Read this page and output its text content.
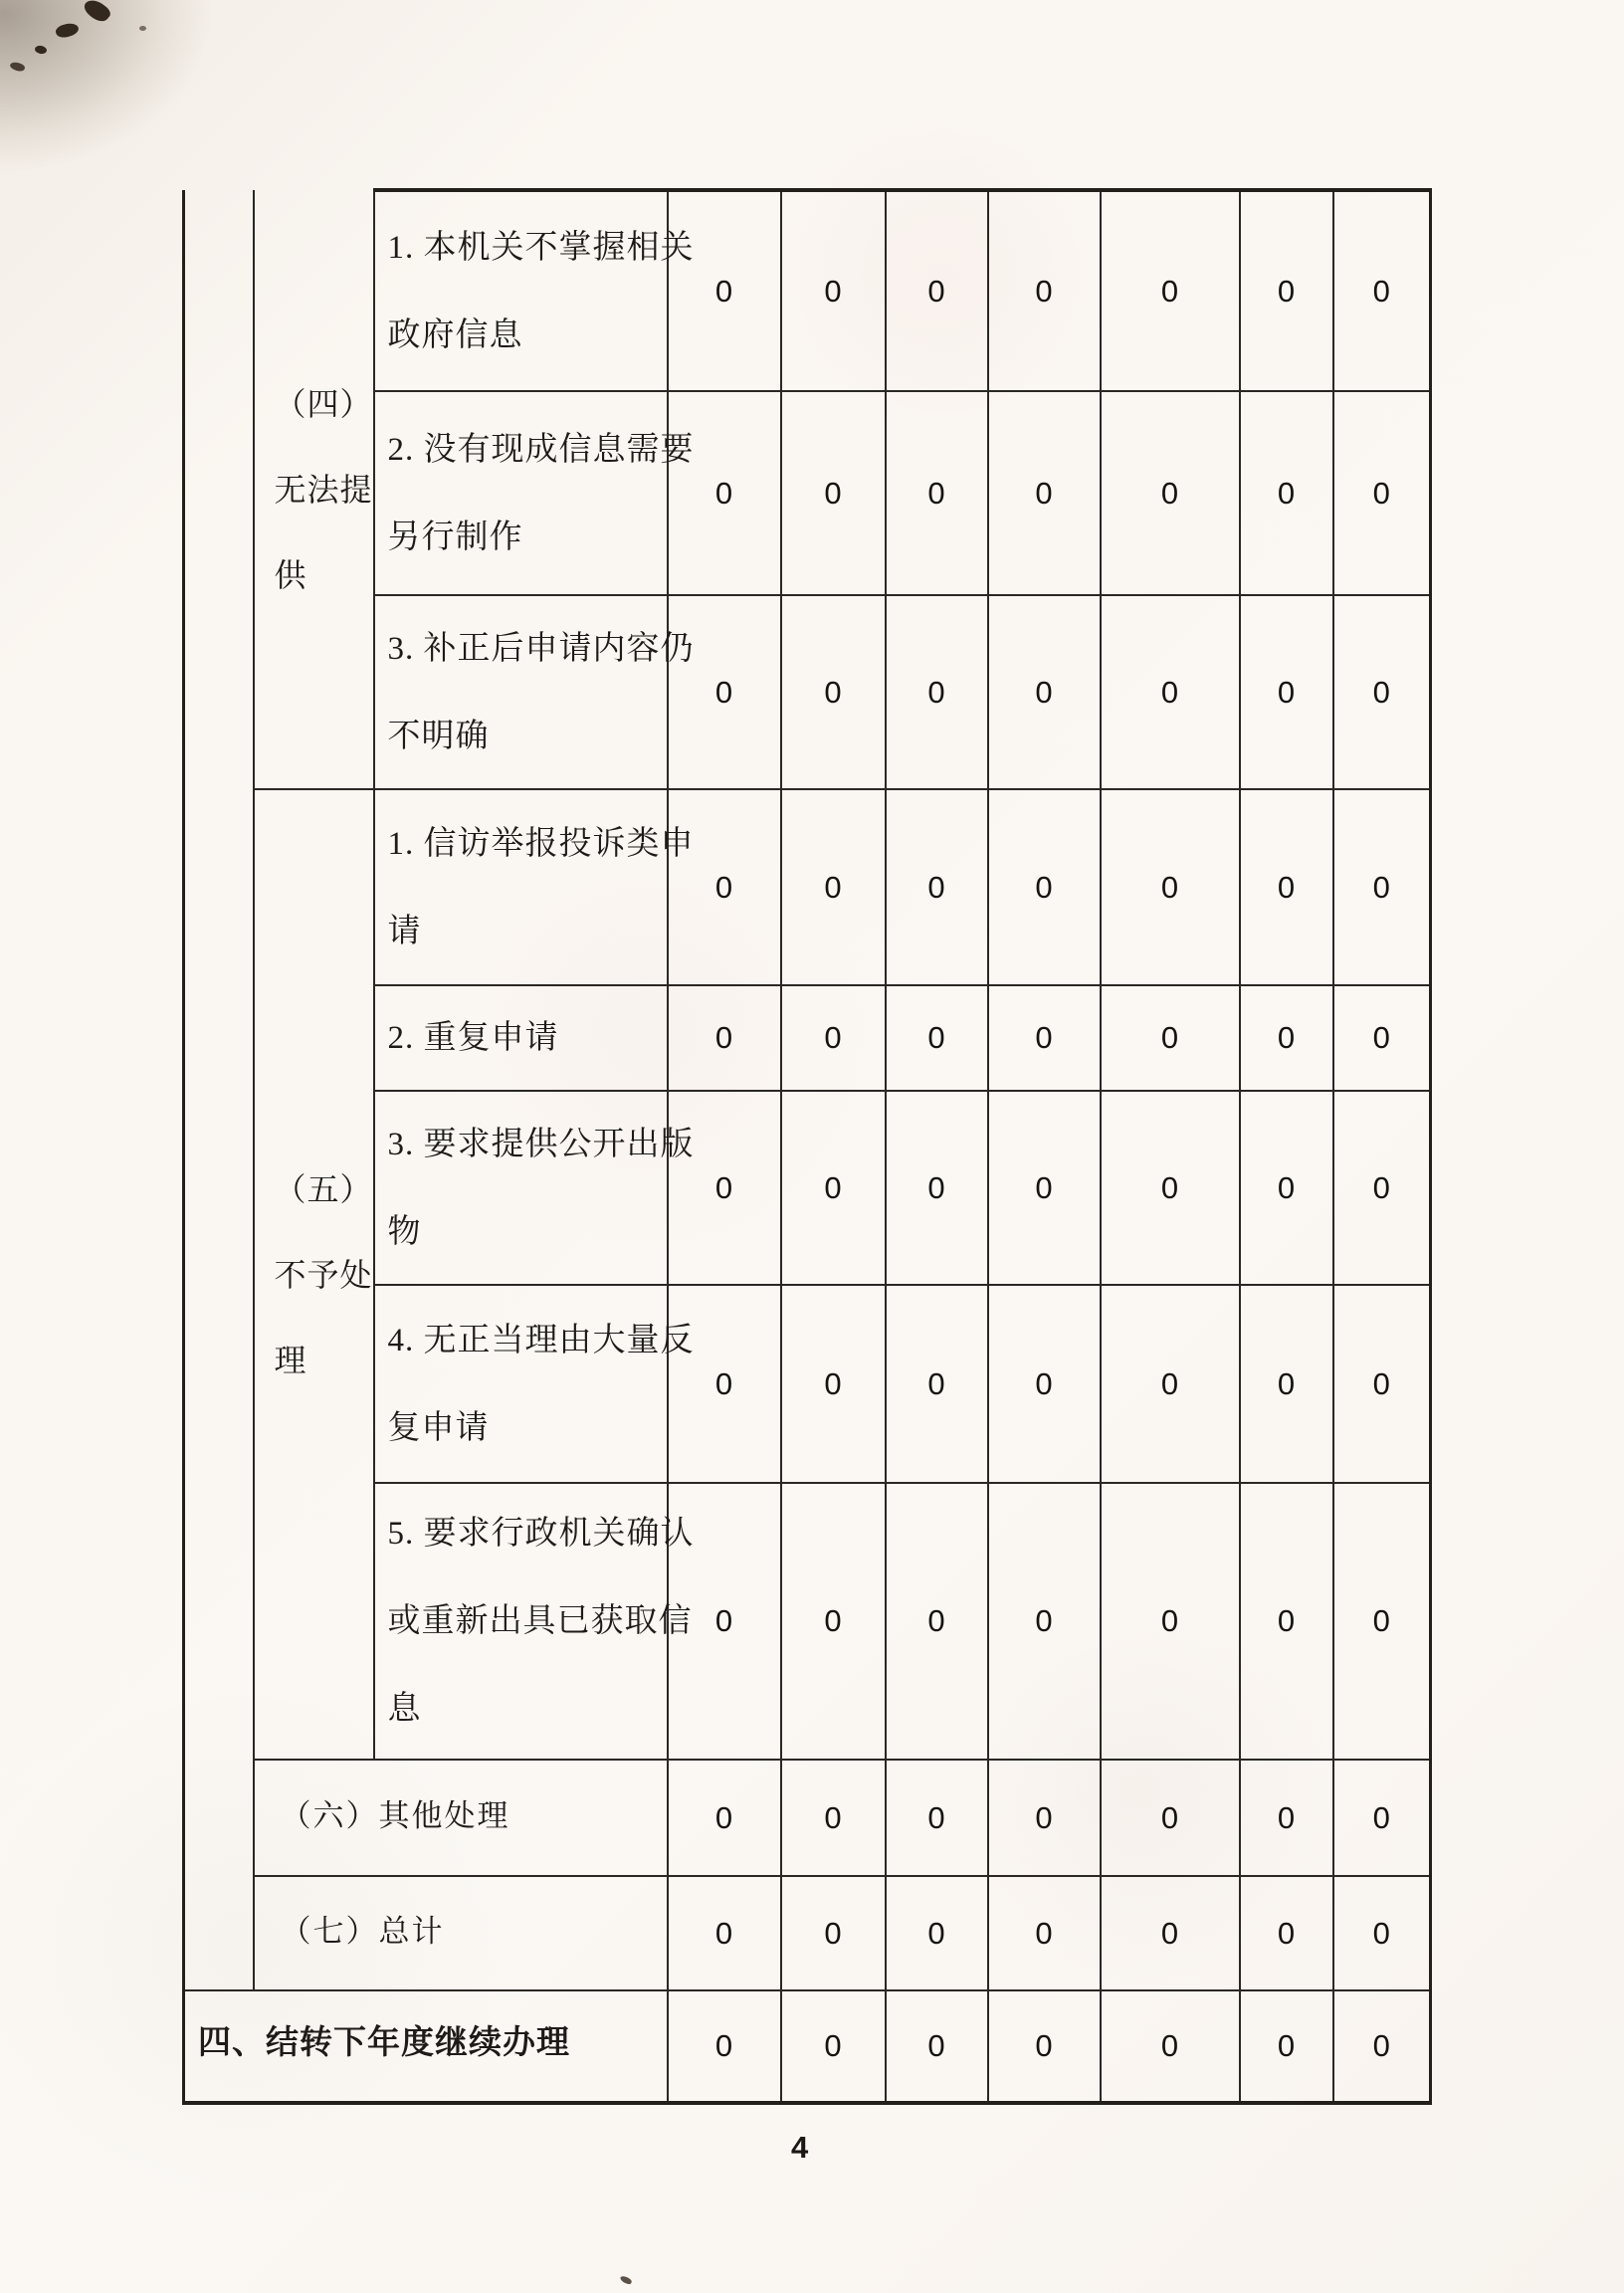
（四）
无法提
供

1. 本机关不掌握相关
政府信息
	0	0	0	0	0	0	0

		2. 没有现成信息需要
另行制作	0	0	0	0	0	0	0

		3. 补正后申请内容仍
不明确	0	0	0	0	0	0	0

（五）
不予处
理

1. 信访举报投诉类申
请
	0	0	0	0	0	0	0

		2. 重复申请	0	0	0	0	0	0	0

		3. 要求提供公开出版
物	0	0	0	0	0	0	0

		4. 无正当理由大量反
复申请	0	0	0	0	0	0	0

		5. 要求行政机关确认
或重新出具已获取信
息	0	0	0	0	0	0	0
	（六）其他处理		0	0	0	0	0	0	0
	（七）总计		0	0	0	0	0	0	0
四、结转下年度继续办理			0	0	0	0	0	0	0
4
